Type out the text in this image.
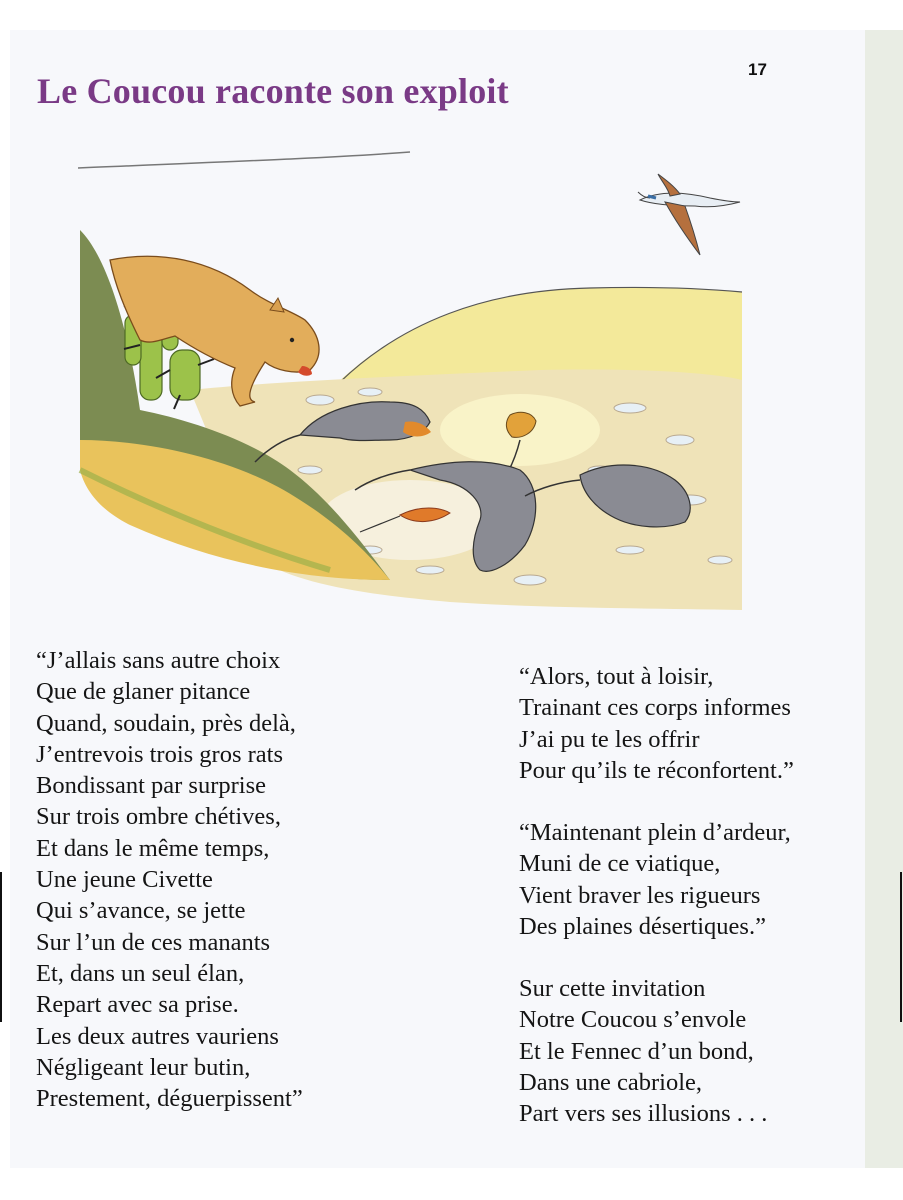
17
Le Coucou raconte son exploit

“J’allais sans autre choix
Que de glaner pitance
Quand, soudain, près delà,
J’entrevois trois gros rats
Bondissant par surprise
Sur trois ombre chétives,
Et dans le même temps,
Une jeune Civette
Qui s’avance, se jette
Sur l’un de ces manants
Et, dans un seul élan,
Repart avec sa prise.
Les deux autres vauriens
Négligeant leur butin,
Prestement, déguerpissent”

“Alors, tout à loisir,
Trainant ces corps informes
J’ai pu te les offrir
Pour qu’ils te réconfortent.”

“Maintenant plein d’ardeur,
Muni de ce viatique,
Vient braver les rigueurs
Des plaines désertiques.”

Sur cette invitation
Notre Coucou s’envole
Et le Fennec d’un bond,
Dans une cabriole,
Part vers ses illusions . . .
